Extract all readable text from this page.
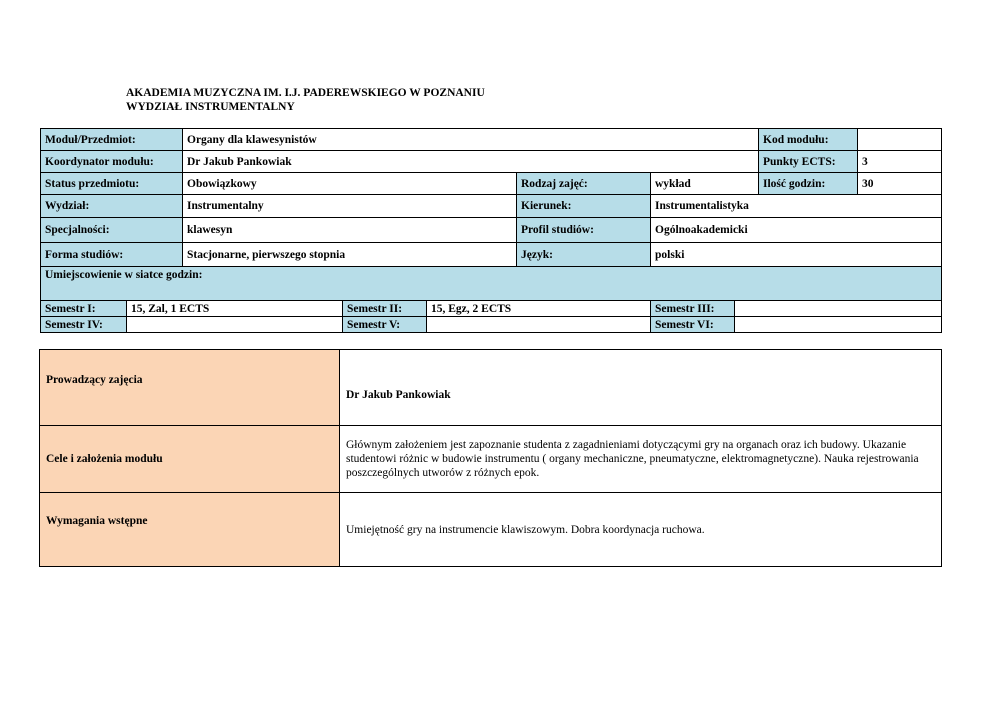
AKADEMIA MUZYCZNA IM. I.J. PADEREWSKIEGO W POZNANIU
WYDZIAŁ INSTRUMENTALNY
Moduł/Przedmiot:	Organy dla klawesynistów			Kod modułu:	
Koordynator modułu:	Dr Jakub Pankowiak			Punkty ECTS:	3
Status przedmiotu:	Obowiązkowy	Rodzaj zajęć:	wykład	Ilość godzin:	30
Wydział:	Instrumentalny	Kierunek:	Instrumentalistyka		
Specjalności:	klawesyn	Profil studiów:	Ogólnoakademicki		
Forma studiów:	Stacjonarne, pierwszego stopnia	Język:	polski		
Umiejscowienie w siatce godzin:					
Semestr I:	15, Zal, 1 ECTS	Semestr II:	15, Egz, 2 ECTS	Semestr III:	
Semestr IV:		Semestr V:		Semestr VI:	
Prowadzący zajęcia	Dr Jakub Pankowiak
Cele i założenia modułu	Głównym założeniem jest zapoznanie studenta z zagadnieniami dotyczącymi gry na organach oraz ich budowy. Ukazanie studentowi różnic w budowie instrumentu ( organy mechaniczne, pneumatyczne, elektromagnetyczne). Nauka rejestrowania poszczególnych utworów z różnych epok.
Wymagania wstępne	Umiejętność gry na instrumencie klawiszowym. Dobra koordynacja ruchowa.
